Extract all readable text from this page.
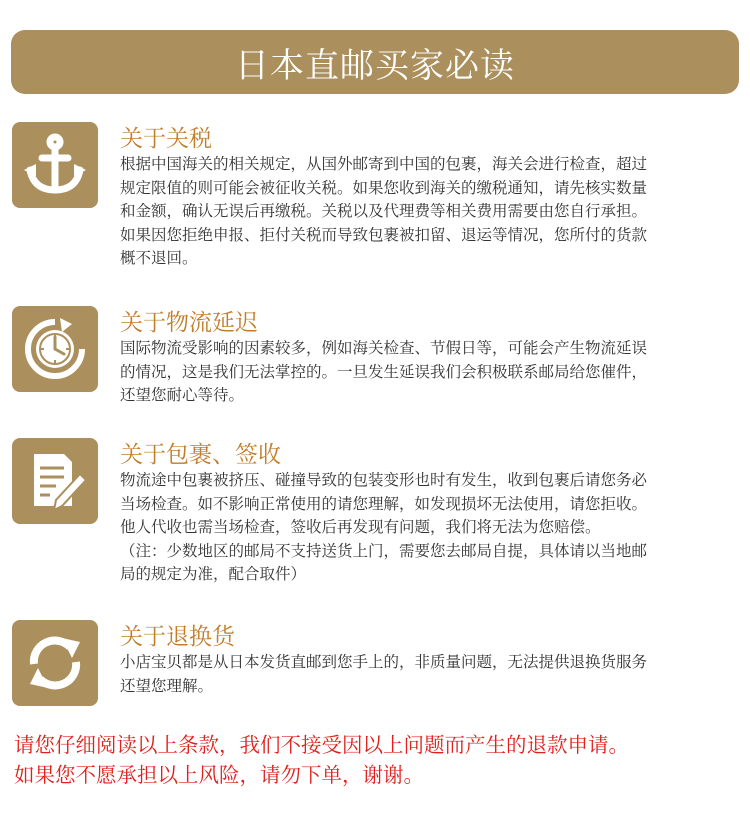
日本直邮买家必读
关于关税

根据中国海关的相关规定，从国外邮寄到中国的包裹，海关会进行检查，超过

规定限值的则可能会被征收关税。如果您收到海关的缴税通知，请先核实数量

和金额，确认无误后再缴税。关税以及代理费等相关费用需要由您自行承担。

如果因您拒绝申报、拒付关税而导致包裹被扣留、退运等情况，您所付的货款

概不退回。

关于物流延迟

国际物流受影响的因素较多，例如海关检查、节假日等，可能会产生物流延误

的情况，这是我们无法掌控的。一旦发生延误我们会积极联系邮局给您催件，

还望您耐心等待。

关于包裹、签收

物流途中包裹被挤压、碰撞导致的包装变形也时有发生，收到包裹后请您务必

当场检查。如不影响正常使用的请您理解，如发现损坏无法使用，请您拒收。

他人代收也需当场检查，签收后再发现有问题，我们将无法为您赔偿。

（注：少数地区的邮局不支持送货上门，需要您去邮局自提，具体请以当地邮

局的规定为准，配合取件）

关于退换货

小店宝贝都是从日本发货直邮到您手上的，非质量问题，无法提供退换货服务

还望您理解。

请您仔细阅读以上条款，我们不接受因以上问题而产生的退款申请。

如果您不愿承担以上风险，请勿下单，谢谢。
